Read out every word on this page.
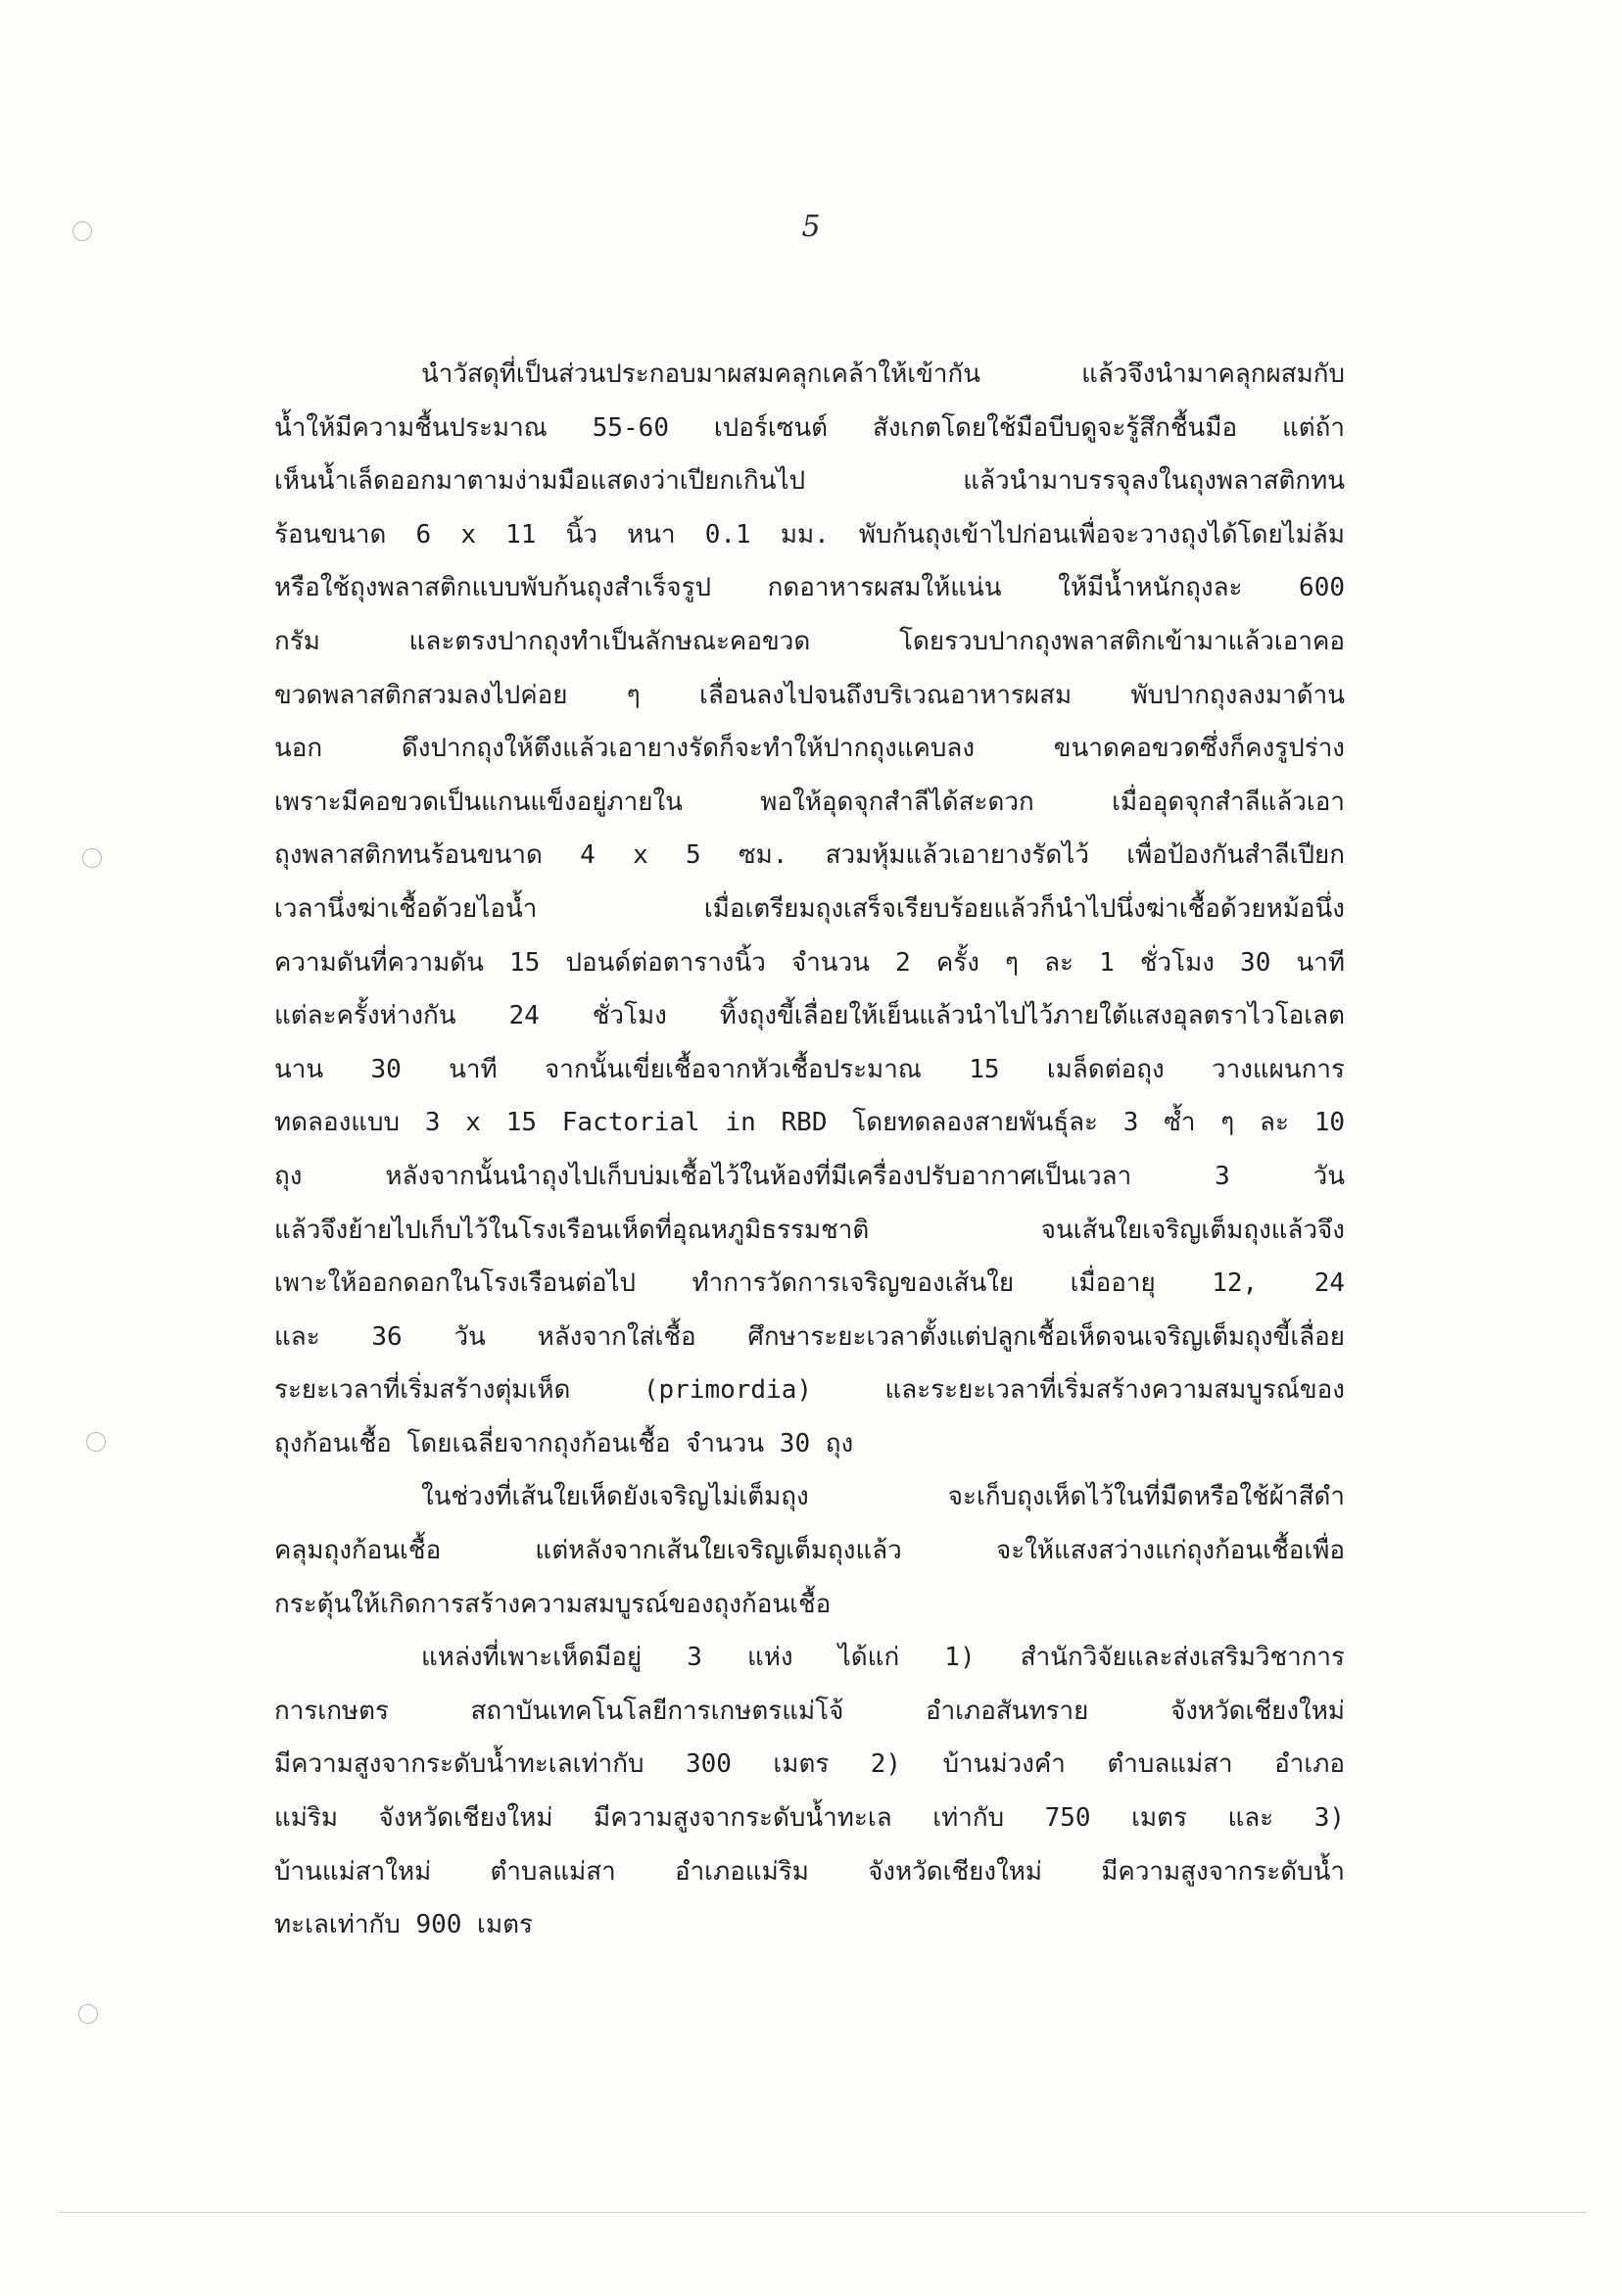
5
นำวัสดุที่เป็นส่วนประกอบมาผสมคลุกเคล้าให้เข้ากัน แล้วจึงนำมาคลุกผสมกับ
น้ำให้มีความชื้นประมาณ 55-60 เปอร์เซนต์ สังเกตโดยใช้มือบีบดูจะรู้สึกชื้นมือ แต่ถ้า
เห็นน้ำเล็ดออกมาตามง่ามมือแสดงว่าเปียกเกินไป แล้วนำมาบรรจุลงในถุงพลาสติกทน
ร้อนขนาด 6 x 11 นิ้ว หนา 0.1 มม. พับก้นถุงเข้าไปก่อนเพื่อจะวางถุงได้โดยไม่ล้ม
หรือใช้ถุงพลาสติกแบบพับก้นถุงสำเร็จรูป กดอาหารผสมให้แน่น ให้มีน้ำหนักถุงละ 600
กรัม และตรงปากถุงทำเป็นลักษณะคอขวด โดยรวบปากถุงพลาสติกเข้ามาแล้วเอาคอ
ขวดพลาสติกสวมลงไปค่อย ๆ เลื่อนลงไปจนถึงบริเวณอาหารผสม พับปากถุงลงมาด้าน
นอก ดึงปากถุงให้ตึงแล้วเอายางรัดก็จะทำให้ปากถุงแคบลง ขนาดคอขวดซึ่งก็คงรูปร่าง
เพราะมีคอขวดเป็นแกนแข็งอยู่ภายใน พอให้อุดจุกสำลีได้สะดวก เมื่ออุดจุกสำลีแล้วเอา
ถุงพลาสติกทนร้อนขนาด 4 x 5 ซม. สวมหุ้มแล้วเอายางรัดไว้ เพื่อป้องกันสำลีเปียก
เวลานึ่งฆ่าเชื้อด้วยไอน้ำ เมื่อเตรียมถุงเสร็จเรียบร้อยแล้วก็นำไปนึ่งฆ่าเชื้อด้วยหม้อนึ่ง
ความดันที่ความดัน 15 ปอนด์ต่อตารางนิ้ว จำนวน 2 ครั้ง ๆ ละ 1 ชั่วโมง 30 นาที
แต่ละครั้งห่างกัน 24 ชั่วโมง ทิ้งถุงขี้เลื่อยให้เย็นแล้วนำไปไว้ภายใต้แสงอุลตราไวโอเลต
นาน 30 นาที จากนั้นเขี่ยเชื้อจากหัวเชื้อประมาณ 15 เมล็ดต่อถุง วางแผนการ
ทดลองแบบ 3 x 15 Factorial in RBD โดยทดลองสายพันธุ์ละ 3 ซ้ำ ๆ ละ 10
ถุง หลังจากนั้นนำถุงไปเก็บบ่มเชื้อไว้ในห้องที่มีเครื่องปรับอากาศเป็นเวลา 3 วัน
แล้วจึงย้ายไปเก็บไว้ในโรงเรือนเห็ดที่อุณหภูมิธรรมชาติ จนเส้นใยเจริญเต็มถุงแล้วจึง
เพาะให้ออกดอกในโรงเรือนต่อไป ทำการวัดการเจริญของเส้นใย เมื่ออายุ 12, 24
และ 36 วัน หลังจากใส่เชื้อ ศึกษาระยะเวลาตั้งแต่ปลูกเชื้อเห็ดจนเจริญเต็มถุงขี้เลื่อย
ระยะเวลาที่เริ่มสร้างตุ่มเห็ด (primordia) และระยะเวลาที่เริ่มสร้างความสมบูรณ์ของ
ถุงก้อนเชื้อ โดยเฉลี่ยจากถุงก้อนเชื้อ จำนวน 30 ถุง
ในช่วงที่เส้นใยเห็ดยังเจริญไม่เต็มถุง จะเก็บถุงเห็ดไว้ในที่มืดหรือใช้ผ้าสีดำ
คลุมถุงก้อนเชื้อ แต่หลังจากเส้นใยเจริญเต็มถุงแล้ว จะให้แสงสว่างแก่ถุงก้อนเชื้อเพื่อ
กระตุ้นให้เกิดการสร้างความสมบูรณ์ของถุงก้อนเชื้อ
แหล่งที่เพาะเห็ดมีอยู่ 3 แห่ง ได้แก่ 1) สำนักวิจัยและส่งเสริมวิชาการ
การเกษตร สถาบันเทคโนโลยีการเกษตรแม่โจ้ อำเภอสันทราย จังหวัดเชียงใหม่
มีความสูงจากระดับน้ำทะเลเท่ากับ 300 เมตร 2) บ้านม่วงคำ ตำบลแม่สา อำเภอ
แม่ริม จังหวัดเชียงใหม่ มีความสูงจากระดับน้ำทะเล เท่ากับ 750 เมตร และ 3)
บ้านแม่สาใหม่ ตำบลแม่สา อำเภอแม่ริม จังหวัดเชียงใหม่ มีความสูงจากระดับน้ำ
ทะเลเท่ากับ 900 เมตร
